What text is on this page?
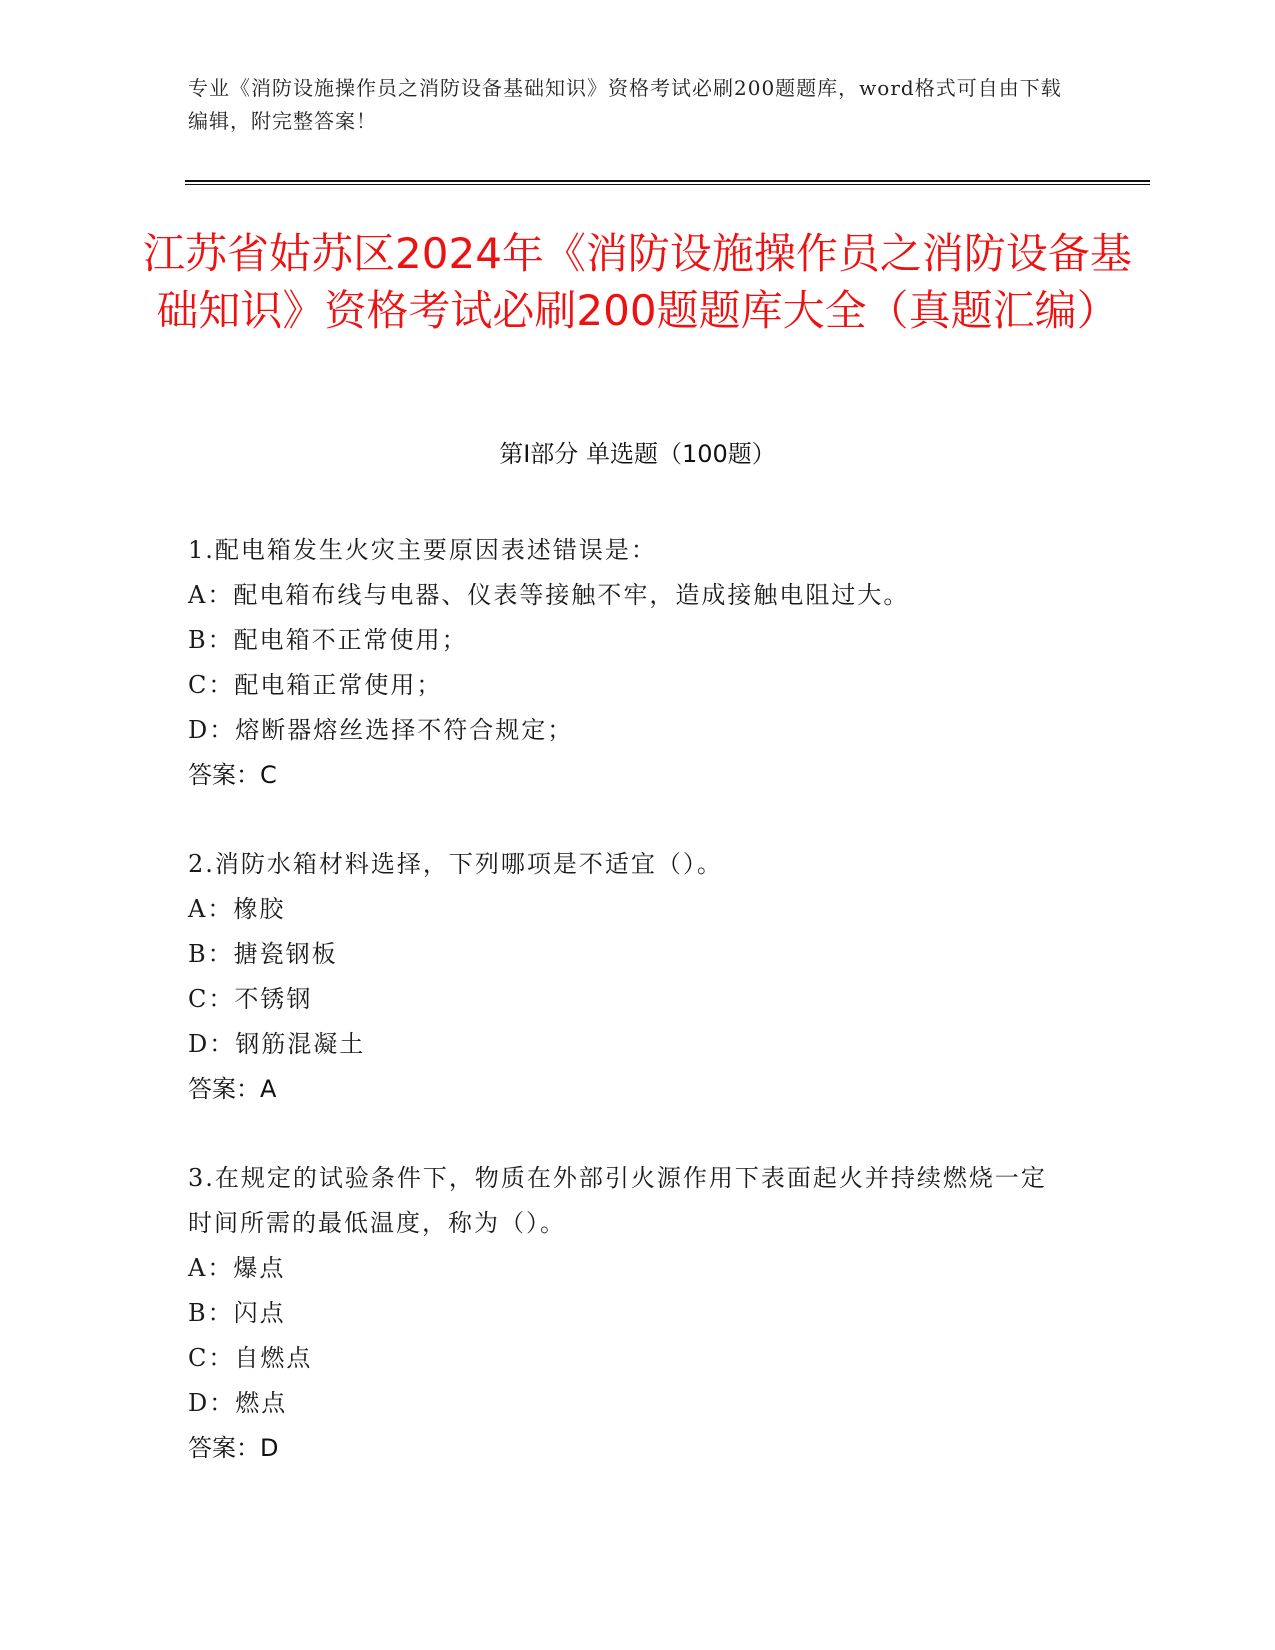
专业《消防设施操作员之消防设备基础知识》资格考试必刷200题题库，word格式可自由下载编辑，附完整答案！
江苏省姑苏区2024年《消防设施操作员之消防设备基础知识》资格考试必刷200题题库大全（真题汇编）
第Ⅰ部分 单选题（100题）
1.配电箱发生火灾主要原因表述错误是：
A：配电箱布线与电器、仪表等接触不牢，造成接触电阻过大。
B：配电箱不正常使用；
C：配电箱正常使用；
D：熔断器熔丝选择不符合规定；
答案：C
2.消防水箱材料选择，下列哪项是不适宜（）。
A：橡胶
B：搪瓷钢板
C：不锈钢
D：钢筋混凝土
答案：A
3.在规定的试验条件下，物质在外部引火源作用下表面起火并持续燃烧一定时间所需的最低温度，称为（）。
A：爆点
B：闪点
C：自燃点
D：燃点
答案：D
